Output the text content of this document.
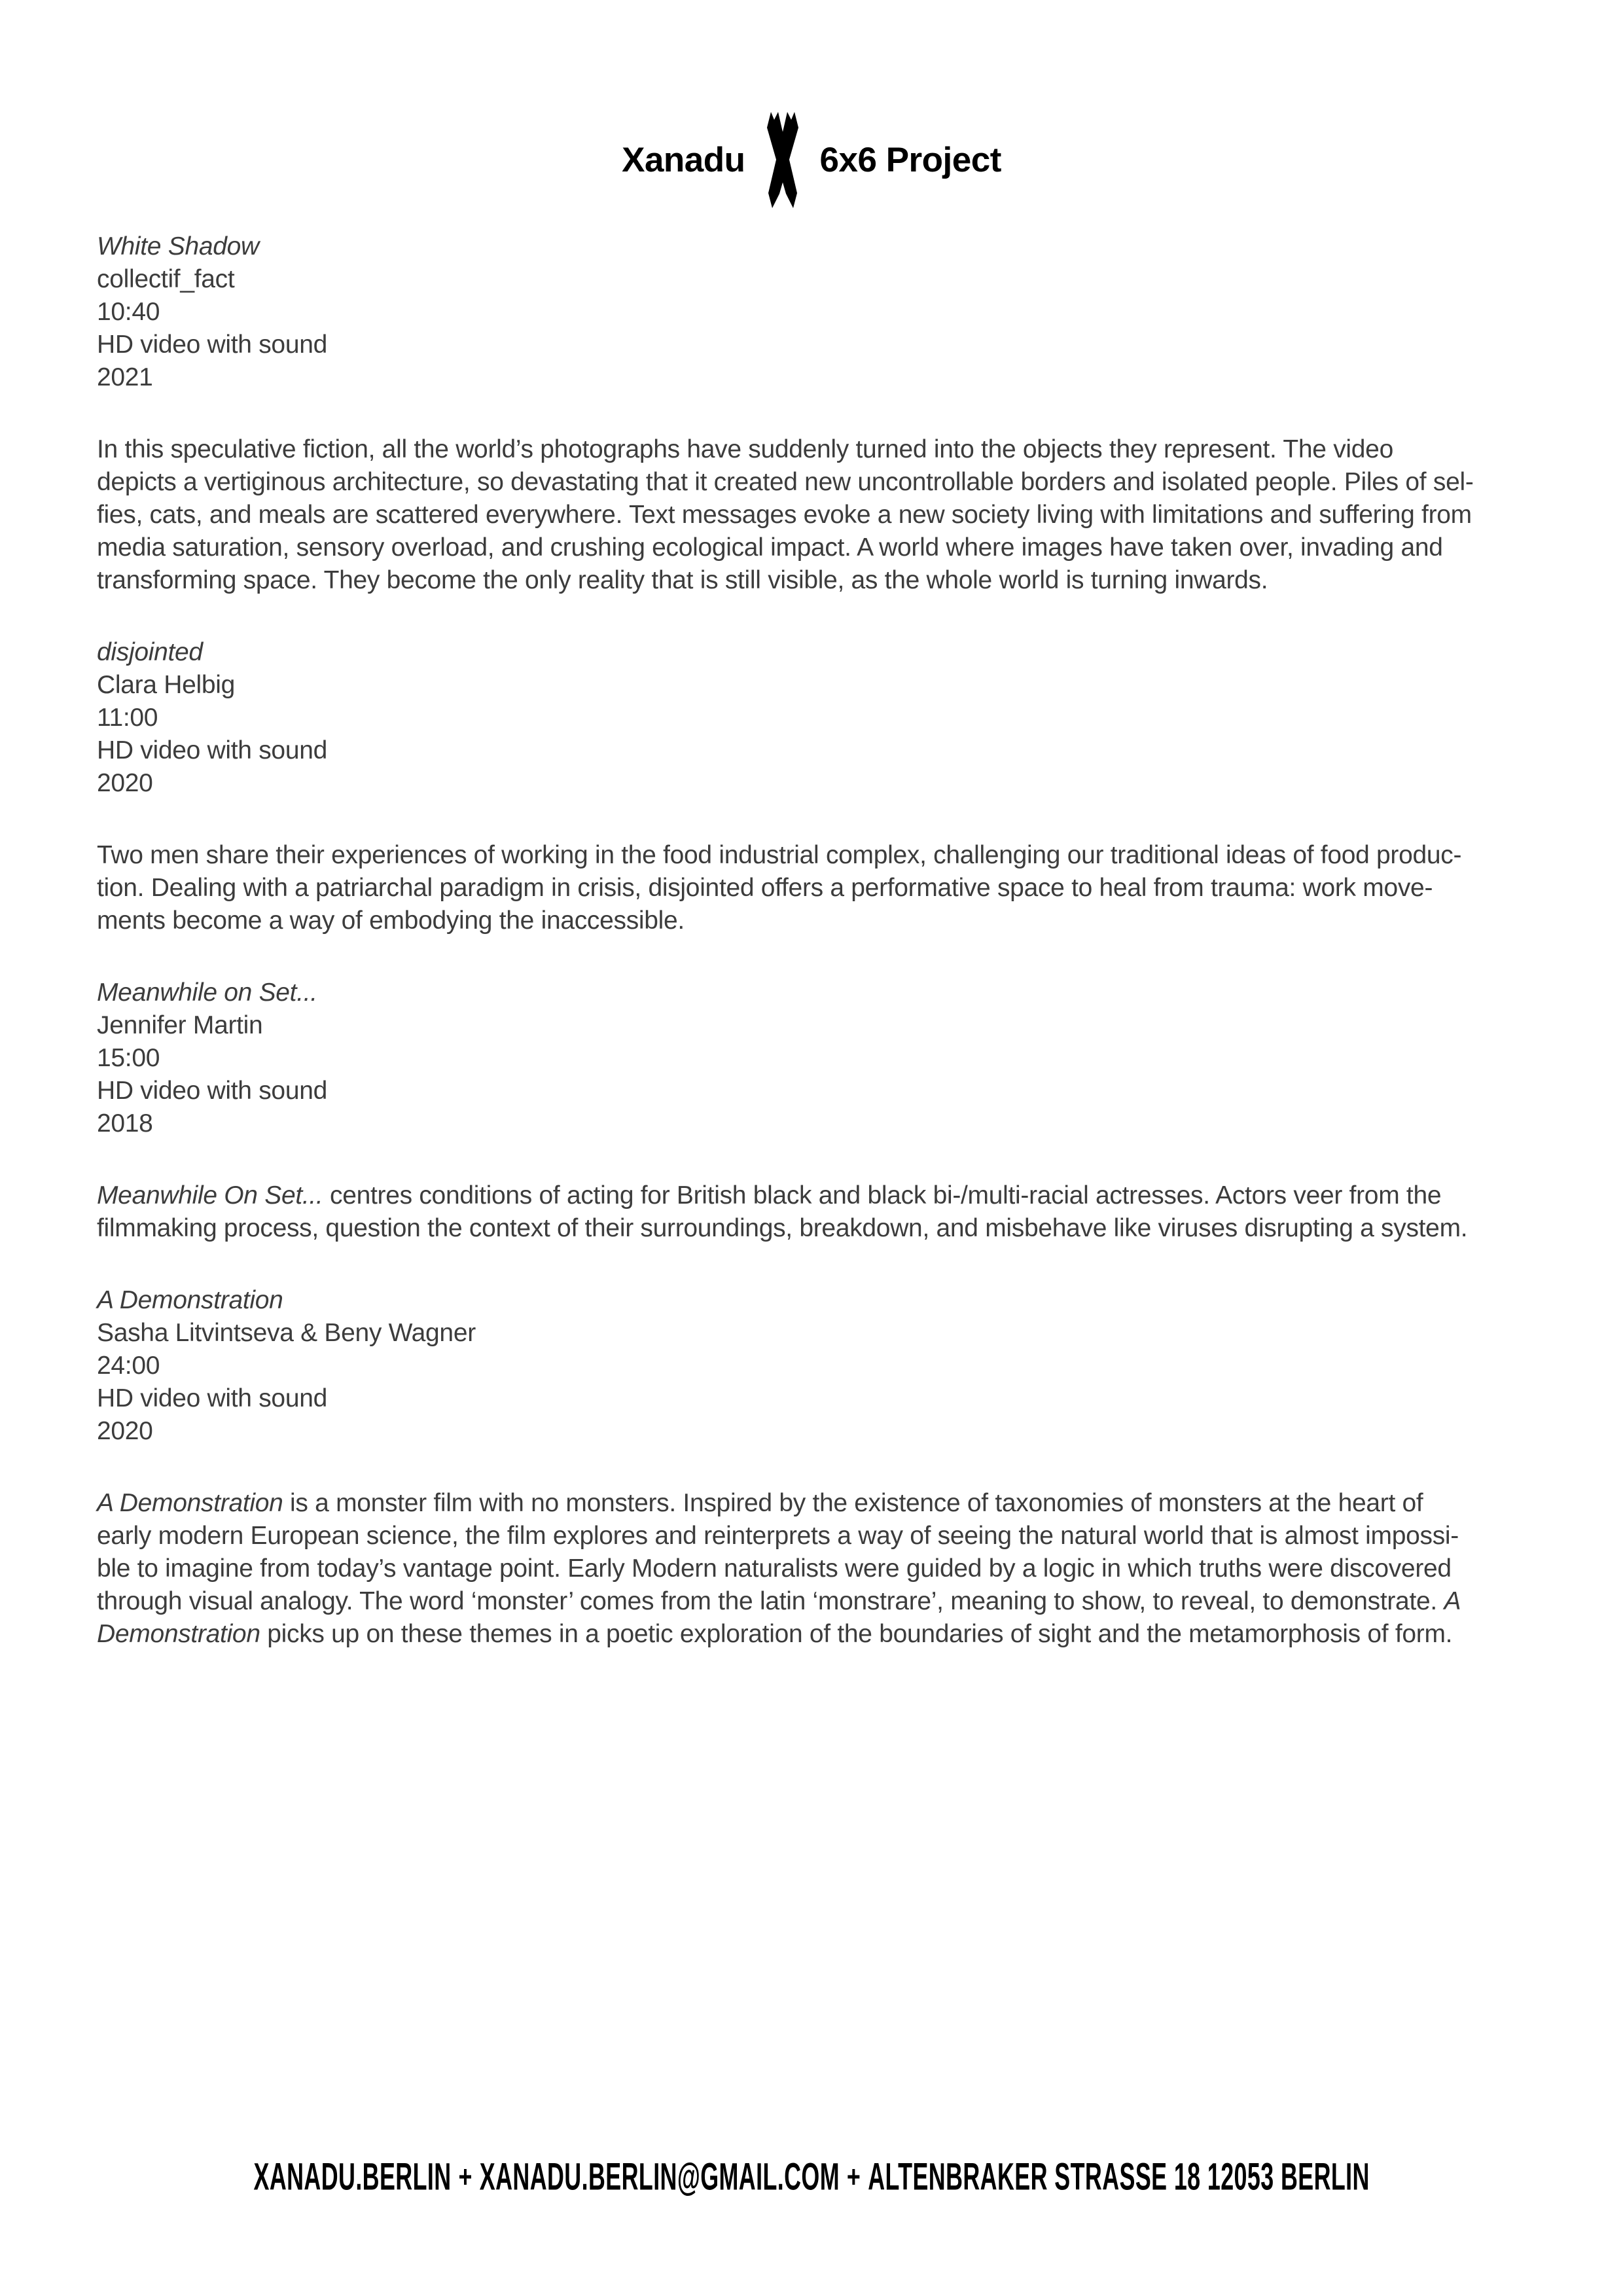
Xanadu 6x6 Project
White Shadow
collectif_fact
10:40
HD video with sound
2021
In this speculative fiction, all the world’s photographs have suddenly turned into the objects they represent. The video
depicts a vertiginous architecture, so devastating that it created new uncontrollable borders and isolated people. Piles of sel-
fies, cats, and meals are scattered everywhere. Text messages evoke a new society living with limitations and suffering from
media saturation, sensory overload, and crushing ecological impact. A world where images have taken over, invading and
transforming space. They become the only reality that is still visible, as the whole world is turning inwards.
disjointed
Clara Helbig
11:00
HD video with sound
2020
Two men share their experiences of working in the food industrial complex, challenging our traditional ideas of food produc-
tion. Dealing with a patriarchal paradigm in crisis, disjointed offers a performative space to heal from trauma: work move-
ments become a way of embodying the inaccessible.
Meanwhile on Set...
Jennifer Martin
15:00
HD video with sound
2018
Meanwhile On Set... centres conditions of acting for British black and black bi-/multi-racial actresses. Actors veer from the
filmmaking process, question the context of their surroundings, breakdown, and misbehave like viruses disrupting a system.
A Demonstration
Sasha Litvintseva & Beny Wagner
24:00
HD video with sound
2020
A Demonstration is a monster film with no monsters. Inspired by the existence of taxonomies of monsters at the heart of
early modern European science, the film explores and reinterprets a way of seeing the natural world that is almost impossi-
ble to imagine from today’s vantage point. Early Modern naturalists were guided by a logic in which truths were discovered
through visual analogy. The word ‘monster’ comes from the latin ‘monstrare’, meaning to show, to reveal, to demonstrate. A
Demonstration picks up on these themes in a poetic exploration of the boundaries of sight and the metamorphosis of form.
XANADU.BERLIN + XANADU.BERLIN@GMAIL.COM + ALTENBRAKER STRASSE 18 12053 BERLIN
